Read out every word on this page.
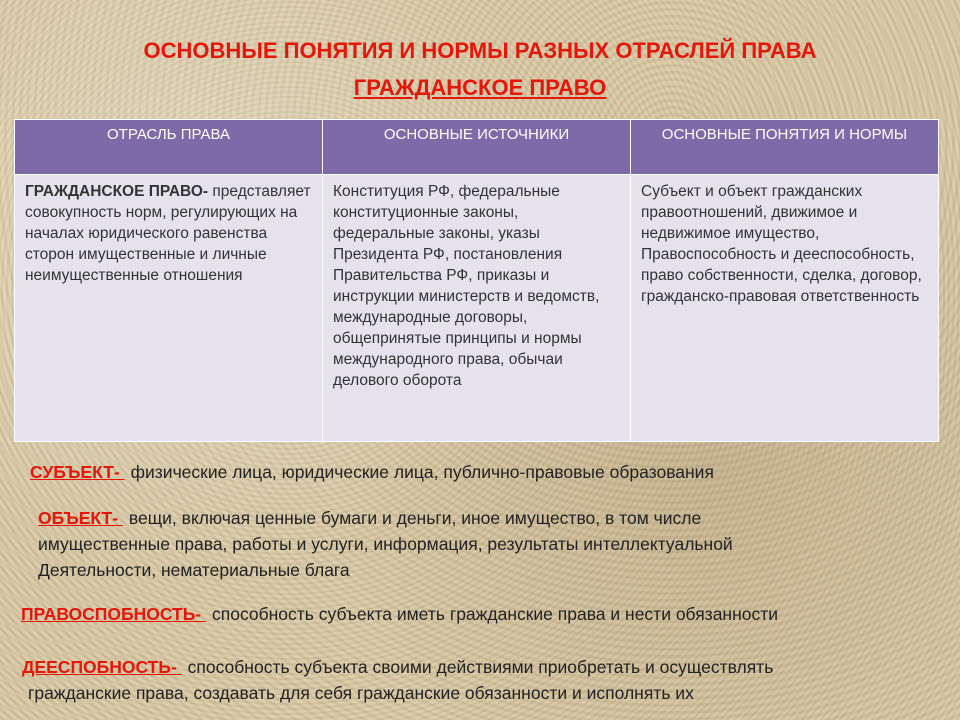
ОСНОВНЫЕ ПОНЯТИЯ И НОРМЫ РАЗНЫХ ОТРАСЛЕЙ ПРАВА
ГРАЖДАНСКОЕ ПРАВО
ОТРАСЛЬ ПРАВА	ОСНОВНЫЕ ИСТОЧНИКИ	ОСНОВНЫЕ ПОНЯТИЯ И НОРМЫ
ГРАЖДАНСКОЕ ПРАВО- представляет совокупность норм, регулирующих на началах юридического равенства сторон имущественные и личные неимущественные отношения	Конституция РФ, федеральные конституционные законы, федеральные законы, указы Президента РФ, постановления Правительства РФ, приказы и инструкции министерств и ведомств, международные договоры, общепринятые принципы и нормы международного права, обычаи делового оборота	Субъект и объект гражданских правоотношений, движимое и недвижимое имущество, Правоспособность и дееспособность, право собственности, сделка, договор, гражданско-правовая ответственность
СУБЪЕКТ- физические лица, юридические лица, публично-правовые образования
ОБЪЕКТ- вещи, включая ценные бумаги и деньги, иное имущество, в том числе
имущественные права, работы и услуги, информация, результаты интеллектуальной
Деятельности, нематериальные блага
ПРАВОСПОБНОСТЬ- способность субъекта иметь гражданские права и нести обязанности
ДЕЕСПОБНОСТЬ- способность субъекта своими действиями приобретать и осуществлять
гражданские права, создавать для себя гражданские обязанности и исполнять их
